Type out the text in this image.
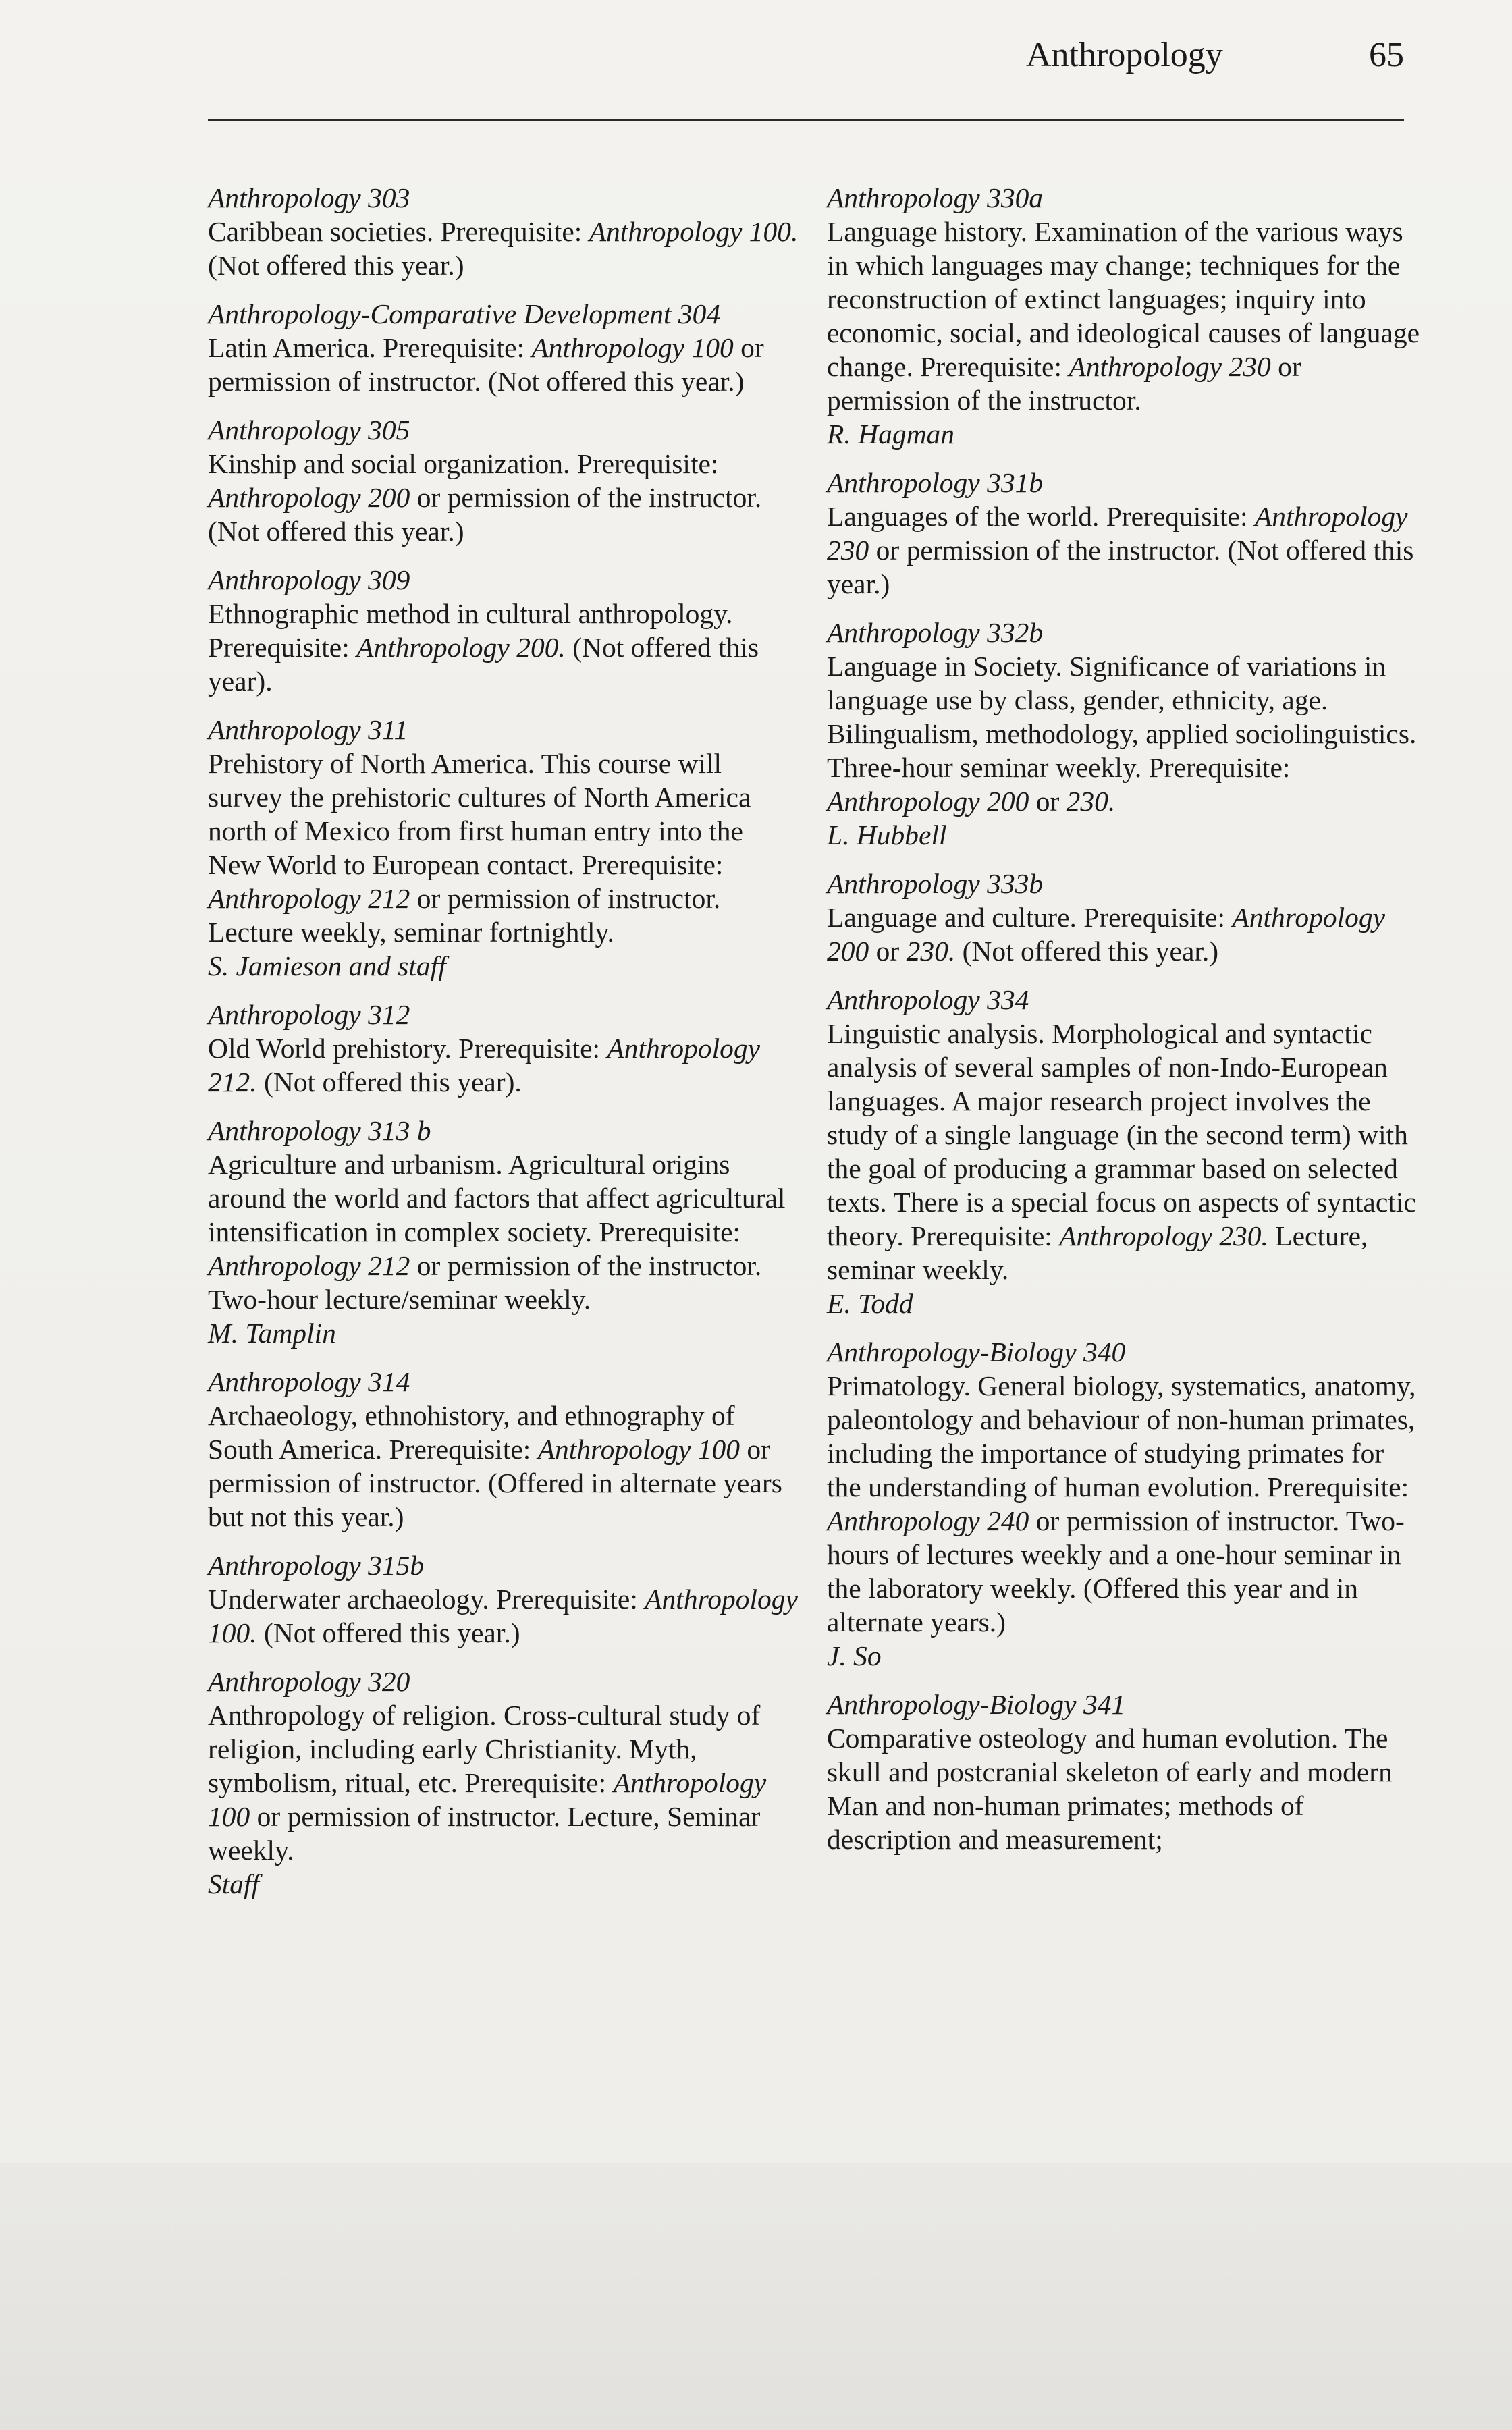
Anthropology	65
Anthropology 303

Caribbean societies. Prerequisite: Anthropology 100. (Not offered this year.)

Anthropology-Comparative Development 304

Latin America. Prerequisite: Anthropology 100 or permission of instructor. (Not offered this year.)

Anthropology 305

Kinship and social organization. Prerequisite: Anthropology 200 or permission of the instructor. (Not offered this year.)

Anthropology 309

Ethnographic method in cultural anthropology. Prerequisite: Anthropology 200. (Not offered this year).

Anthropology 311

Prehistory of North America. This course will survey the prehistoric cultures of North America north of Mexico from first human entry into the New World to European contact. Prerequisite: Anthropology 212 or permission of instructor. Lecture weekly, seminar fortnightly.

S. Jamieson and staff
Anthropology 312

Old World prehistory. Prerequisite: Anthropology 212. (Not offered this year).

Anthropology 313 b

Agriculture and urbanism. Agricultural origins around the world and factors that affect agricultural intensification in complex society. Prerequisite: Anthropology 212 or permission of the instructor. Two-hour lecture/seminar weekly.

M. Tamplin
Anthropology 314

Archaeology, ethnohistory, and ethnography of South America. Prerequisite: Anthropology 100 or permission of instructor. (Offered in alternate years but not this year.)

Anthropology 315b

Underwater archaeology. Prerequisite: Anthropology 100. (Not offered this year.)

Anthropology 320

Anthropology of religion. Cross-cultural study of religion, including early Christianity. Myth, symbolism, ritual, etc. Prerequisite: Anthropology 100 or permission of instructor. Lecture, Seminar weekly.

Staff
Anthropology 330a

Language history. Examination of the various ways in which languages may change; techniques for the reconstruction of extinct languages; inquiry into economic, social, and ideological causes of language change. Prerequisite: Anthropology 230 or permission of the instructor.

R. Hagman
Anthropology 331b

Languages of the world. Prerequisite: Anthropology 230 or permission of the instructor. (Not offered this year.)

Anthropology 332b

Language in Society. Significance of variations in language use by class, gender, ethnicity, age. Bilingualism, methodology, applied sociolinguistics. Three-hour seminar weekly. Prerequisite: Anthropology 200 or 230.

L. Hubbell
Anthropology 333b

Language and culture. Prerequisite: Anthropology 200 or 230. (Not offered this year.)

Anthropology 334

Linguistic analysis. Morphological and syntactic analysis of several samples of non-Indo-European languages. A major research project involves the study of a single language (in the second term) with the goal of producing a grammar based on selected texts. There is a special focus on aspects of syntactic theory. Prerequisite: Anthropology 230. Lecture, seminar weekly.

E. Todd
Anthropology-Biology 340

Primatology. General biology, systematics, anatomy, paleontology and behaviour of non-human primates, including the importance of studying primates for the understanding of human evolution. Prerequisite: Anthropology 240 or permission of instructor. Two-hours of lectures weekly and a one-hour seminar in the laboratory weekly. (Offered this year and in alternate years.)

J. So
Anthropology-Biology 341

Comparative osteology and human evolution. The skull and postcranial skeleton of early and modern Man and non-human primates; methods of description and measurement;
